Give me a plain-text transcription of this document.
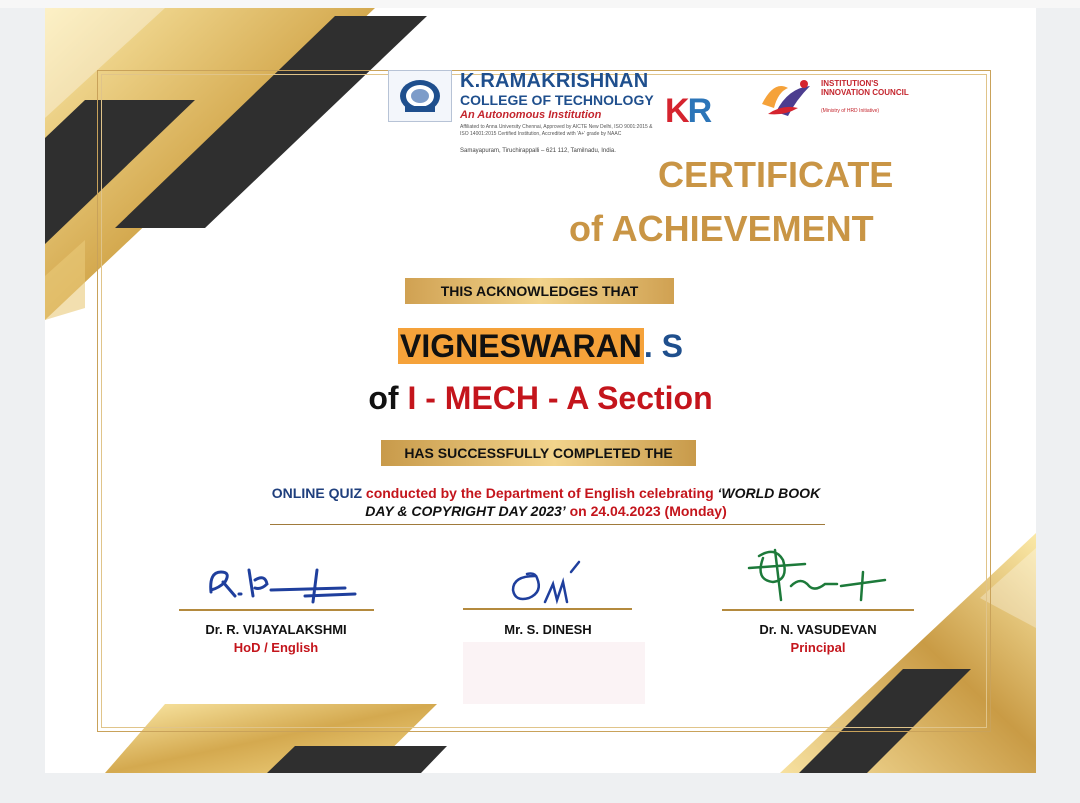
K.RAMAKRISHNAN
COLLEGE OF TECHNOLOGY
An Autonomous Institution
Affiliated to Anna University Chennai, Approved by AICTE New Delhi, ISO 9001:2015 & ISO 14001:2015 Certified Institution, Accredited with 'A+' grade by NAAC
Samayapuram, Tiruchirappalli – 621 112, Tamilnadu, India.
KR
INSTITUTION'S INNOVATION COUNCIL
(Ministry of HRD Initiative)
CERTIFICATE
of ACHIEVEMENT
THIS ACKNOWLEDGES THAT
VIGNESWARAN. S
of I - MECH - A Section
HAS SUCCESSFULLY COMPLETED THE
ONLINE QUIZ conducted by the Department of English celebrating ‘WORLD BOOK DAY & COPYRIGHT DAY 2023’ on 24.04.2023 (Monday)
Dr. R. VIJAYALAKSHMI
HoD / English
Mr. S. DINESH	Dr. N. VASUDEVAN
Principal
